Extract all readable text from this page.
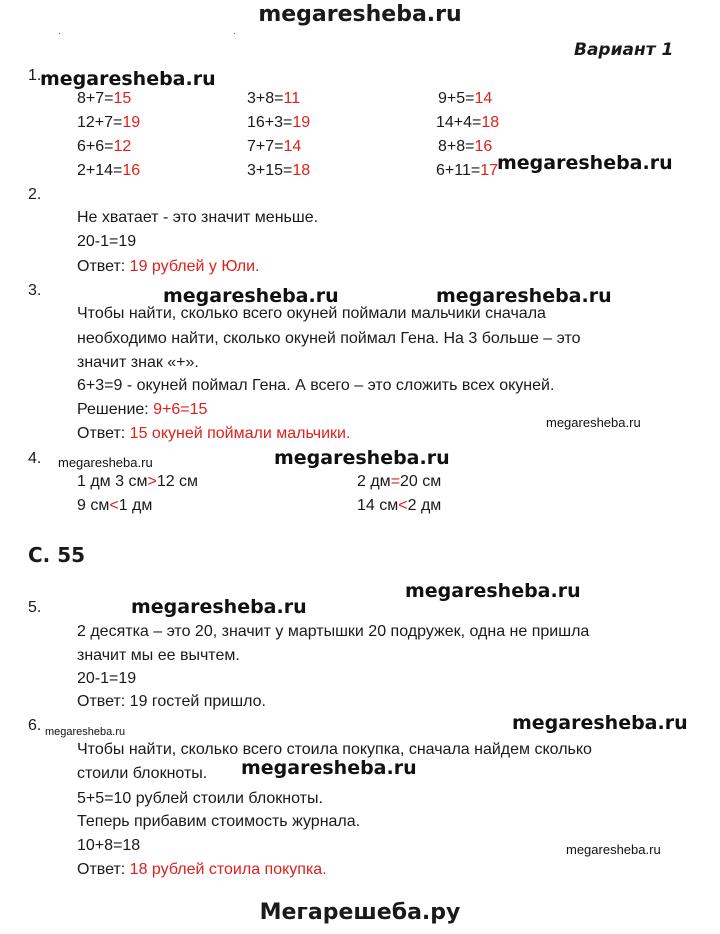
megaresheba.ru
·	·
Вариант 1
1.
megaresheba.ru
8+7=15	3+8=11	9+5=14
12+7=19	16+3=19	14+4=18
6+6=12	7+7=14	8+8=16
2+14=16	3+15=18	6+11=17 megaresheba.ru
2.
Не хватает - это значит меньше.
20-1=19
Ответ: 19 рублей у Юли.
3.	megaresheba.ru	megaresheba.ru
Чтобы найти, сколько всего окуней поймали мальчики сначала
необходимо найти, сколько окуней поймал Гена. На 3 больше – это
значит знак «+».
6+3=9 - окуней поймал Гена. А всего – это сложить всех окуней.
Решение: 9+6=15
megaresheba.ru
Ответ: 15 окуней поймали мальчики.
4. megaresheba.ru	megaresheba.ru
1 дм 3 см>12 см	2 дм=20 см
9 см<1 дм	14 см<2 дм
С. 55
megaresheba.ru
5.	megaresheba.ru
2 десятка – это 20, значит у мартышки 20 подружек, одна не пришла
значит мы ее вычтем.
20-1=19
Ответ: 19 гостей пришло.
6. megaresheba.ru	megaresheba.ru
Чтобы найти, сколько всего стоила покупка, сначала найдем сколько
стоили блокноты. megaresheba.ru
5+5=10 рублей стоили блокноты.
Теперь прибавим стоимость журнала.
10+8=18	megaresheba.ru
Ответ: 18 рублей стоила покупка.
Мегарешеба.ру
